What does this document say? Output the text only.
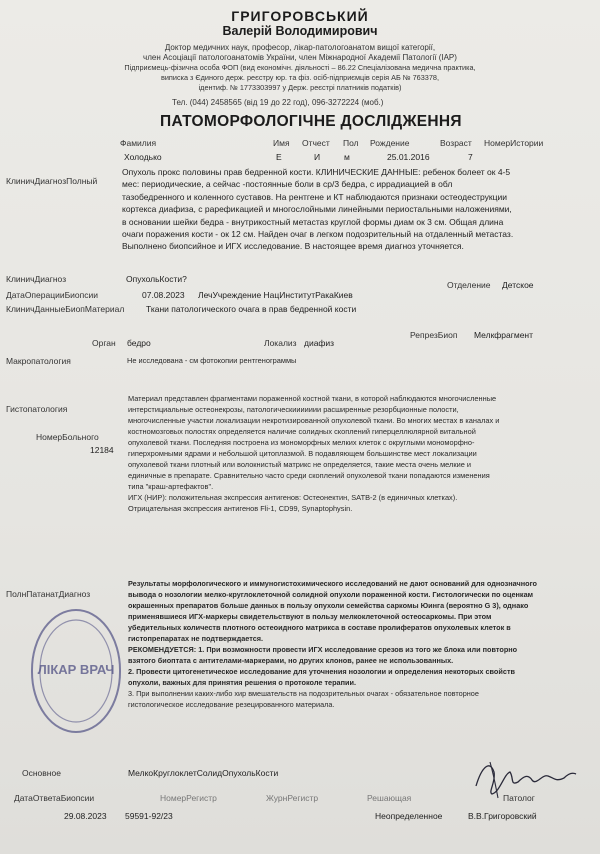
ГРИГОРОВСЬКИЙ
Валерій Володимирович
Доктор медичних наук, професор, лікар-патологоанатом вищої категорії,
член Асоціації патологоанатомів України, член Міжнародної Академії Патології (IAP)
Підприємець-фізична особа ФОП (вид економічн. діяльності – 86.22 Спеціалізована медична практика,
виписка з Єдиного держ. реєстру юр. та фіз. осіб-підприємців серія АБ № 763378,
ідентиф. № 1773303997 у Держ. реєстрі платників податків)
Тел. (044) 2458565 (від 19 до 22 год), 096-3272224 (моб.)
ПАТОМОРФОЛОГІЧНЕ ДОСЛІДЖЕННЯ
Фамилия	Имя Отчест Пол Рождение	Возраст НомерИстории
Холодько	Е	И	м	25.01.2016	7
КлиничДиагнозПолный
Опухоль прокс половины прав бедренной кости. КЛИНИЧЕСКИЕ ДАННЫЕ: ребенок болеет ок 4-5
мес: периодические, а сейчас -постоянные боли в ср/3 бедра, с иррадиацией в обл
тазобедренного и коленного суставов. На рентгене и КТ наблюдаются признаки остеодеструкции
кортекса диафиза, с рарефикацией и многослойными линейными периостальными наложениями,
в основании шейки бедра - внутрикостный метастаз круглой формы диам ок 3 см. Общая длина
очаги поражения кости - ок 12 см. Найден очаг в легком подозрительный на отдаленный метастаз.
Выполнено биопсийное и ИГХ исследование. В настоящее время диагноз уточняется.
КлиничДиагноз	ОпухольКости?
ДатаОперацииБиопсии	07.08.2023 ЛечУчреждение НацИнститутРакаКиев
Отделение Детское
КлиничДанныеБиопМатериал	Ткани патологического очага в прав бедренной кости
Орган бедро	Локализ диафиз
РепрезБиоп Мелкфрагмент
Макропатология	Не исследована - см фотокопии рентгенограммы
Гистопатология
НомерБольного
12184
Материал представлен фрагментами пораженной костной ткани, в которой наблюдаются многочисленные
интерстициальные остеонекрозы, патологическиииииии расширенные резорбционные полости,
многочисленные участки локализации некротизированной опухолевой ткани. Во многих местах в каналах и
костномозговых полостях определяется наличие солидных скоплений гиперцеллюлярной витальной
опухолевой ткани. Последняя построена из мономорфных мелких клеток с округлыми мономорфно-
гиперхромными ядрами и небольшой цитоплазмой. В подавляющем большинстве мест локализации
опухолевой ткани плотный или волокнистый матрикс не определяется, такие места очень мелкие и
единичные в препарате. Сравнительно часто среди скоплений опухолевой ткани попадаются изменения
типа "краш-артефактов".
ИГХ (НИР): положительная экспрессия антигенов: Остеонектин, SATB-2 (в единичных клетках).
Отрицательная экспрессия антигенов Fli-1, CD99, Synaptophysin.
ПолнПатанатДиагноз
Результаты морфологического и иммуногистохимического исследований не дают оснований для однозначного
вывода о нозологии мелко-круглоклеточной солидной опухоли пораженной кости. Гистологически по оценкам
окрашенных препаратов больше данных в пользу опухоли семейства саркомы Юинга (вероятно G 3), однако
применявшиеся ИГХ-маркеры свидетельствуют в пользу мелкоклеточной остеосаркомы. При этом
убедительных количеств плотного остеоидного матрикса в составе пролифератов опухолевых клеток в
гистопрепаратах не подтверждается.
РЕКОМЕНДУЕТСЯ: 1. При возможности провести ИГХ исследование срезов из того же блока или повторно
взятого биоптата с антителами-маркерами, но других клонов, ранее не использованных.
2. Провести цитогенетическое исследование для уточнения нозологии и определения некоторых свойств
опухоли, важных для принятия решения о протоколе терапии.
3. При выполнении каких-либо хир вмешательств на подозрительных очагах - обязательное повторное
гистологическое исследование резецированного материала.
ЛІКАР ВРАЧ
Основное	МелкоКруглоклетСолидОпухольКости
ДатаОтветаБиопсии	НомерРегистр	ЖурнРегистр	Решающая	Патолог
29.08.2023 59591-92/23	Неопределенное	В.В.Григоровский
